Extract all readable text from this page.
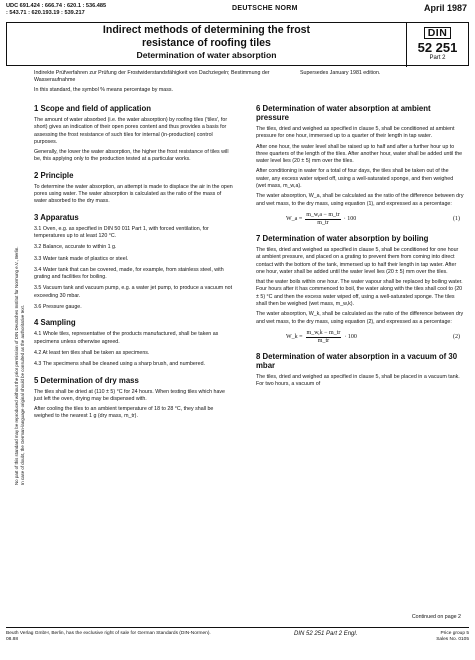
UDC 691.424 : 666.74 : 620.1 : 536.485
: 543.71 : 620.193.19 : 539.217
DEUTSCHE NORM	April 1987
Indirect methods of determining the frost
resistance of roofing tiles
Determination of water absorption
DIN
52 251
Part 2
Indirekte Prüfverfahren zur Prüfung der Frostwiderstandsfähigkeit von Dachziegeln; Bestimmung der Wasseraufnahme
Supersedes January 1981 edition.
In this standard, the symbol % means percentage by mass.
No part of this standard may be reproduced without the prior permission of DIN Deutsches Institut für Normung e.V., Berlin. In case of doubt, the German-language original should be consulted as the authoritative text.
1 Scope and field of application

The amount of water absorbed (i.e. the water absorption) by roofing tiles ('tiles', for short) gives an indication of their open pores content and thus provides a basis for assessing the frost resistance of such tiles for internal (in-production) control purposes.

Generally, the lower the water absorption, the higher the frost resistance of tiles will be, this applying only to the production tested at a particular works.

2 Principle

To determine the water absorption, an attempt is made to displace the air in the open pores using water. The water absorption is calculated as the ratio of the mass of water absorbed to the dry mass.

3 Apparatus

3.1 Oven, e.g. as specified in DIN 50 011 Part 1, with forced ventilation, for temperatures up to at least 120 °C.

3.2 Balance, accurate to within 1 g.

3.3 Water tank made of plastics or steel.

3.4 Water tank that can be covered, made, for example, from stainless steel, with grating and facilities for boiling.

3.5 Vacuum tank and vacuum pump, e.g. a water jet pump, to produce a vacuum not exceeding 30 mbar.

3.6 Pressure gauge.

4 Sampling

4.1 Whole tiles, representative of the products manufactured, shall be taken as specimens unless otherwise agreed.

4.2 At least ten tiles shall be taken as specimens.

4.3 The specimens shall be cleaned using a sharp brush, and numbered.

5 Determination of dry mass

The tiles shall be dried at (110 ± 5) °C for 24 hours. When testing tiles which have just left the oven, drying may be dispensed with.

After cooling the tiles to an ambient temperature of 18 to 28 °C, they shall be weighed to the nearest 1 g (dry mass, m_tr).

6 Determination of water absorption at ambient pressure

The tiles, dried and weighed as specified in clause 5, shall be conditioned at ambient pressure for one hour, immersed up to a quarter of their length in tap water.

After one hour, the water level shall be raised up to half and after a further hour up to three quarters of the length of the tiles. After another hour, water shall be added until the water level lies (20 ± 5) mm over the tiles.

After conditioning in water for a total of four days, the tiles shall be taken out of the water, any excess water wiped off, using a well-saturated sponge, and then weighed (wet mass, m_w,a).

The water absorption, W_a, shall be calculated as the ratio of the difference between dry and wet mass, to the dry mass, using equation (1), and expressed as a percentage:

W_a = $\frac{m\_w,a - m\_tr}{m\_tr} \cdot 100$	(1)
7 Determination of water absorption by boiling

The tiles, dried and weighed as specified in clause 5, shall be conditioned for one hour at ambient pressure, and placed on a grating to prevent them from coming into direct contact with the bottom of the tank, immersed up to half their length in tap water. After one hour, water shall be added until the water level lies (20 ± 5) mm over the tiles.

that the water boils within one hour. The water vapour shall be replaced by boiling water. Four hours after it has commenced to boil, the water along with the tiles shall cool to (20 ± 5) °C and then the excess water wiped off, using a well-saturated sponge. The tiles shall then be weighed (wet mass, m_w,k).

The water absorption, W_k, shall be calculated as the ratio of the difference between dry and wet mass, to the dry mass, using equation (2), and expressed as a percentage:

W_k = $\frac{m\_w,k - m\_tr}{m\_tr} \cdot 100$	(2)
8 Determination of water absorption in a vacuum of 30 mbar

The tiles, dried and weighed as specified in clause 5, shall be placed in a vacuum tank. For two hours, a vacuum of

Continued on page 2
Beuth Verlag GmbH, Berlin, has the exclusive right of sale for German Standards (DIN-Normen).
08.88
DIN 52 251 Part 2 Engl.	Price group 5
Sales No. 0105
